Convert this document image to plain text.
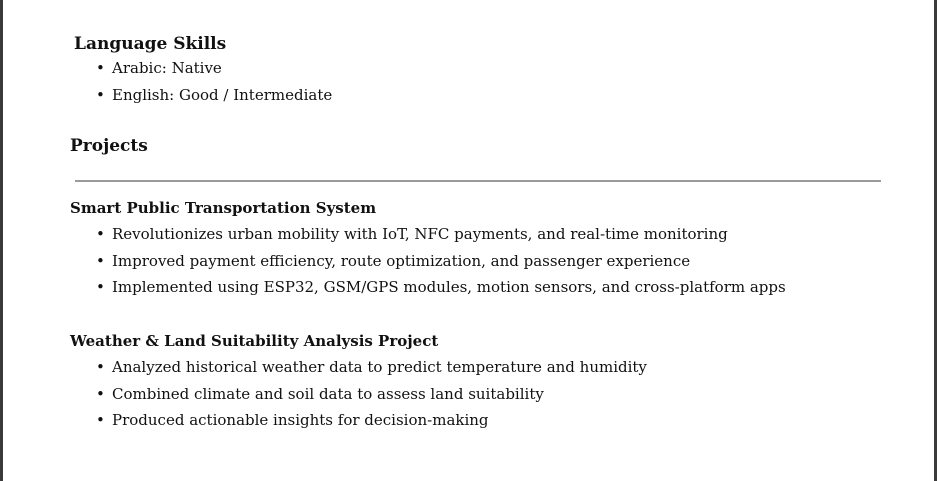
Language Skills
• Arabic: Native
• English: Good / Intermediate
Projects
Smart Public Transportation System
• Revolutionizes urban mobility with IoT, NFC payments, and real-time monitoring
• Improved payment efficiency, route optimization, and passenger experience
• Implemented using ESP32, GSM/GPS modules, motion sensors, and cross-platform apps
Weather & Land Suitability Analysis Project
• Analyzed historical weather data to predict temperature and humidity
• Combined climate and soil data to assess land suitability
• Produced actionable insights for decision-making
